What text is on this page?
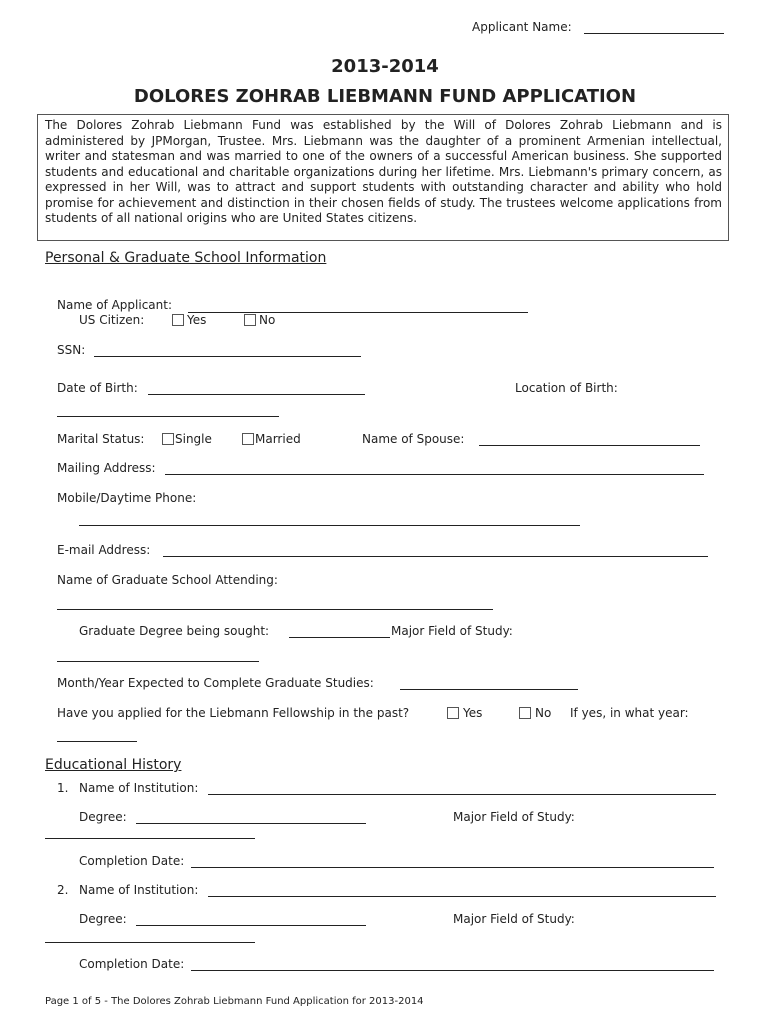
Applicant Name:
2013-2014
DOLORES ZOHRAB LIEBMANN FUND APPLICATION

The Dolores Zohrab Liebmann Fund was established by the Will of Dolores Zohrab Liebmann and is administered by JPMorgan, Trustee. Mrs. Liebmann was the daughter of a prominent Armenian intellectual, writer and statesman and was married to one of the owners of a successful American business. She supported students and educational and charitable organizations during her lifetime. Mrs. Liebmann's primary concern, as expressed in her Will, was to attract and support students with outstanding character and ability who hold promise for achievement and distinction in their chosen fields of study. The trustees welcome applications from students of all national origins who are United States citizens.

Personal & Graduate School Information
Name of Applicant:
US Citizen:	Yes	No
SSN:
Date of Birth:	Location of Birth:
Marital Status:	Single	Married	Name of Spouse:
Mailing Address:
Mobile/Daytime Phone:
E-mail Address:
Name of Graduate School Attending:
Graduate Degree being sought:	Major Field of Study:
Month/Year Expected to Complete Graduate Studies:
Have you applied for the Liebmann Fellowship in the past?	Yes	No If yes, in what year:
Educational History
1. Name of Institution:
Degree:	Major Field of Study:
Completion Date:
2. Name of Institution:
Degree:	Major Field of Study:
Completion Date:
Page 1 of 5 - The Dolores Zohrab Liebmann Fund Application for 2013-2014
